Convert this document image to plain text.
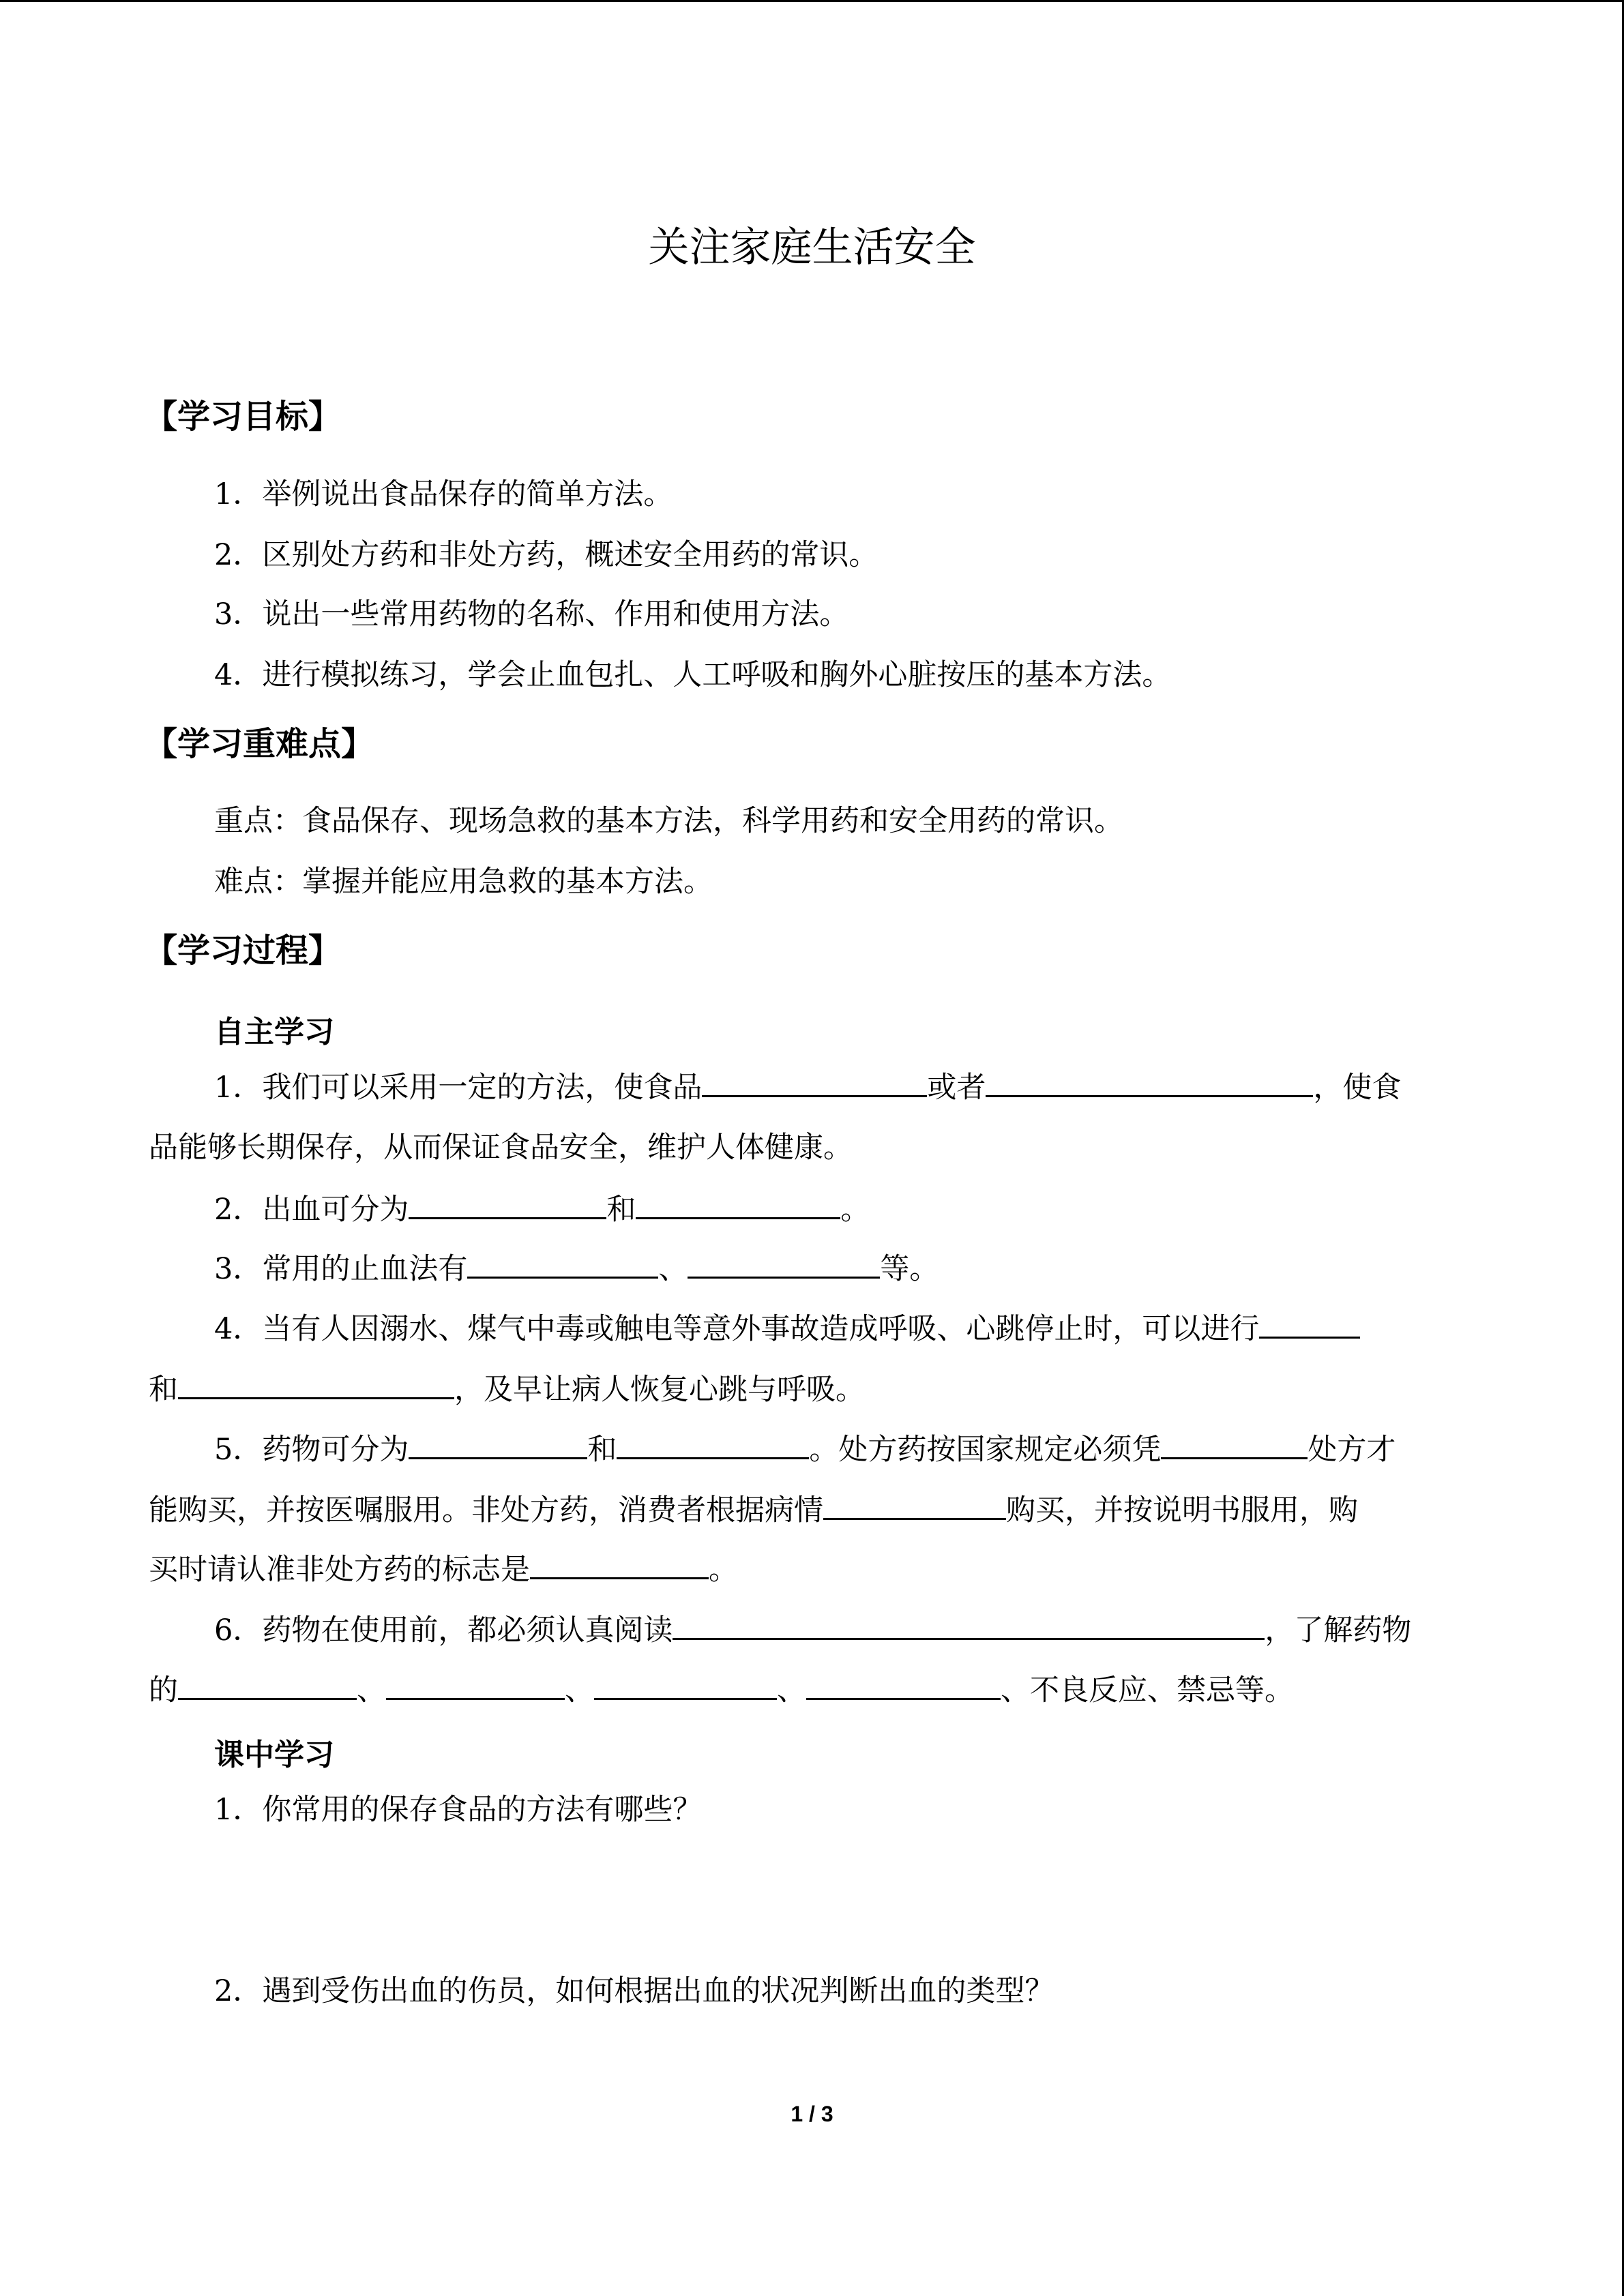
关注家庭生活安全
【学习目标】
1．举例说出食品保存的简单方法。
2．区别处方药和非处方药，概述安全用药的常识。
3．说出一些常用药物的名称、作用和使用方法。
4．进行模拟练习，学会止血包扎、人工呼吸和胸外心脏按压的基本方法。
【学习重难点】
重点：食品保存、现场急救的基本方法，科学用药和安全用药的常识。
难点：掌握并能应用急救的基本方法。
【学习过程】
自主学习
1．我们可以采用一定的方法，使食品	或者	，使食
品能够长期保存，从而保证食品安全，维护人体健康。
2．出血可分为	和	。
3．常用的止血法有	、	等。
4．当有人因溺水、煤气中毒或触电等意外事故造成呼吸、心跳停止时，可以进行
和	，及早让病人恢复心跳与呼吸。
5．药物可分为	和	。处方药按国家规定必须凭	处方才
能购买，并按医嘱服用。非处方药，消费者根据病情	购买，并按说明书服用，购
买时请认准非处方药的标志是	。
6．药物在使用前，都必须认真阅读	，了解药物
的	、	、	、	、不良反应、禁忌等。
课中学习
1．你常用的保存食品的方法有哪些？
2．遇到受伤出血的伤员，如何根据出血的状况判断出血的类型？
1 / 3
